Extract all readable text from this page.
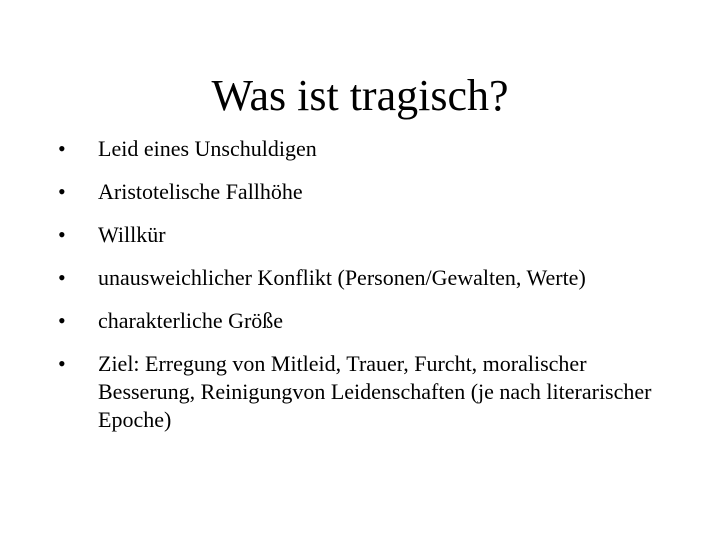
Was ist tragisch?
•	Leid eines Unschuldigen
•	Aristotelische Fallhöhe
•	Willkür
•	unausweichlicher Konflikt (Personen/Gewalten, Werte)
•	charakterliche Größe
•	Ziel: Erregung von Mitleid, Trauer, Furcht, moralischer Besserung, Reinigungvon Leidenschaften (je nach literarischer Epoche)
